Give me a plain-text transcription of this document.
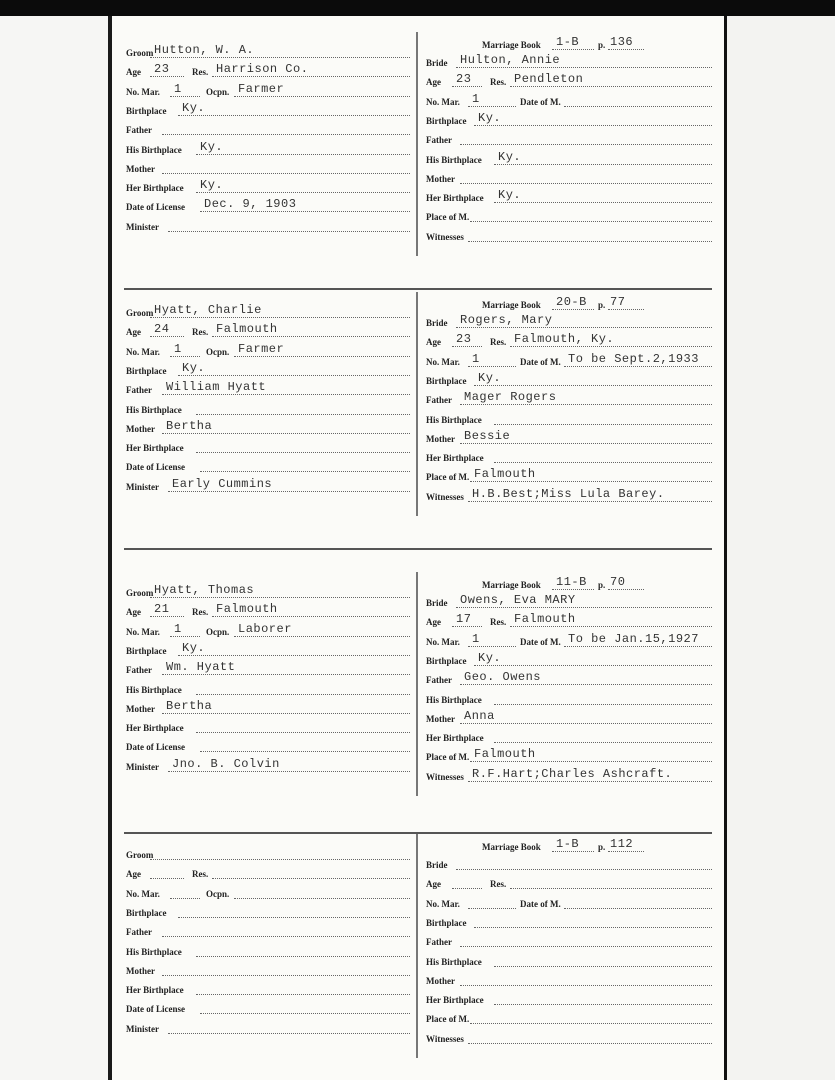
Marriage Book 1-B p. 136
Groom Hutton, W. A.
Age 23	Res. Harrison Co.
No. Mar. 1	Ocpn. Farmer
Birthplace Ky.
Father
His Birthplace Ky.
Mother
Her Birthplace Ky.
Date of License Dec. 9, 1903
Minister
Bride Hulton, Annie
Age 23 Res. Pendleton
No. Mar. 1	Date of M.
Birthplace Ky.
Father
His Birthplace Ky.
Mother
Her Birthplace Ky.
Place of M.
Witnesses
Marriage Book 20-B p. 77
Groom Hyatt, Charlie
Age 24	Res. Falmouth
No. Mar. 1	Ocpn. Farmer
Birthplace Ky.
Father William Hyatt
His Birthplace
Mother Bertha
Her Birthplace
Date of License
Minister Early Cummins
Bride Rogers, Mary
Age 23 Res. Falmouth, Ky.
No. Mar. 1	Date of M. To be Sept.2,1933
Birthplace Ky.
Father Mager Rogers
His Birthplace
Mother Bessie
Her Birthplace
Place of M. Falmouth
Witnesses H.B.Best;Miss Lula Barey.
Marriage Book 11-B p. 70
Groom Hyatt, Thomas
Age 21	Res. Falmouth
No. Mar. 1	Ocpn. Laborer
Birthplace Ky.
Father Wm. Hyatt
His Birthplace
Mother Bertha
Her Birthplace
Date of License
Minister Jno. B. Colvin
Bride Owens, Eva MARY
Age 17 Res. Falmouth
No. Mar. 1	Date of M. To be Jan.15,1927
Birthplace Ky.
Father Geo. Owens
His Birthplace
Mother Anna
Her Birthplace
Place of M. Falmouth
Witnesses R.F.Hart;Charles Ashcraft.
Marriage Book 1-B p. 112
Groom
Age	Res.
No. Mar.	Ocpn.
Birthplace
Father
His Birthplace
Mother
Her Birthplace
Date of License
Minister
Bride
Age	Res.
No. Mar.	Date of M.
Birthplace
Father
His Birthplace
Mother
Her Birthplace
Place of M.
Witnesses
